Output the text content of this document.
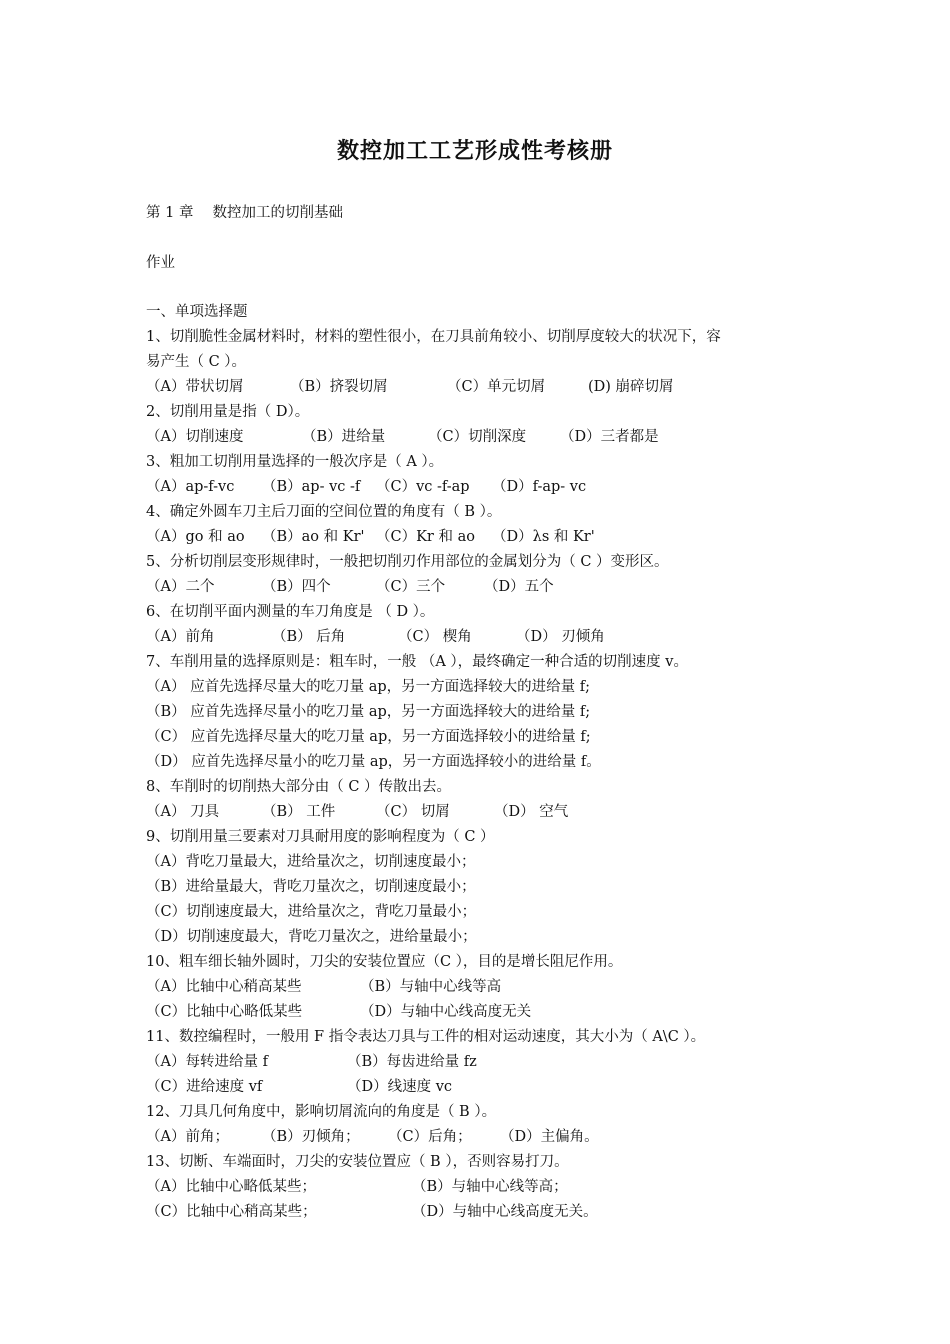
数控加工工艺形成性考核册
第 1 章　 数控加工的切削基础
作业
一、单项选择题
1、切削脆性金属材料时，材料的塑性很小，在刀具前角较小、切削厚度较大的状况下，容
易产生（ C ）。
（A）带状切屑	（B）挤裂切屑	（C）单元切屑	(D) 崩碎切屑
2、切削用量是指（ D）。
（A）切削速度	（B）进给量	（C）切削深度 （D）三者都是
3、粗加工切削用量选择的一般次序是（ A ）。
（A）ap-f-vc （B）ap- vc -f （C）vc -f-ap （D）f-ap- vc
4、确定外圆车刀主后刀面的空间位置的角度有（ B ）。
（A）go 和 ao （B）ao 和 Kr' （C）Kr 和 ao （D）λs 和 Kr'
5、分析切削层变形规律时，一般把切削刃作用部位的金属划分为（ C ）变形区。
（A）二个	（B）四个	（C）三个	（D）五个
6、在切削平面内测量的车刀角度是 （ D ）。
（A）前角	（B） 后角	（C） 楔角	（D） 刃倾角
7、车削用量的选择原则是：粗车时，一般 （A ），最终确定一种合适的切削速度 v。
（A） 应首先选择尽量大的吃刀量 ap，另一方面选择较大的进给量 f;
（B） 应首先选择尽量小的吃刀量 ap，另一方面选择较大的进给量 f;
（C） 应首先选择尽量大的吃刀量 ap，另一方面选择较小的进给量 f;
（D） 应首先选择尽量小的吃刀量 ap，另一方面选择较小的进给量 f。
8、车削时的切削热大部分由（ C ）传散出去。
（A） 刀具	（B） 工件	（C） 切屑	（D） 空气
9、切削用量三要素对刀具耐用度的影响程度为（ C ）
（A）背吃刀量最大，进给量次之，切削速度最小；
（B）进给量最大，背吃刀量次之，切削速度最小；
（C）切削速度最大，进给量次之，背吃刀量最小；
（D）切削速度最大，背吃刀量次之，进给量最小；
10、粗车细长轴外圆时，刀尖的安装位置应（C ），目的是增长阻尼作用。
（A）比轴中心稍高某些	（B）与轴中心线等高
（C）比轴中心略低某些	（D）与轴中心线高度无关
11、数控编程时，一般用 F 指令表达刀具与工件的相对运动速度，其大小为（ A\C ）。
（A）每转进给量 f	（B）每齿进给量 fz
（C）进给速度 vf	（D）线速度 vc
12、刀具几何角度中，影响切屑流向的角度是（ B ）。
（A）前角； （B）刃倾角； （C）后角； （D）主偏角。
13、切断、车端面时，刀尖的安装位置应（ B ），否则容易打刀。
（A）比轴中心略低某些；	（B）与轴中心线等高；
（C）比轴中心稍高某些；	（D）与轴中心线高度无关。
